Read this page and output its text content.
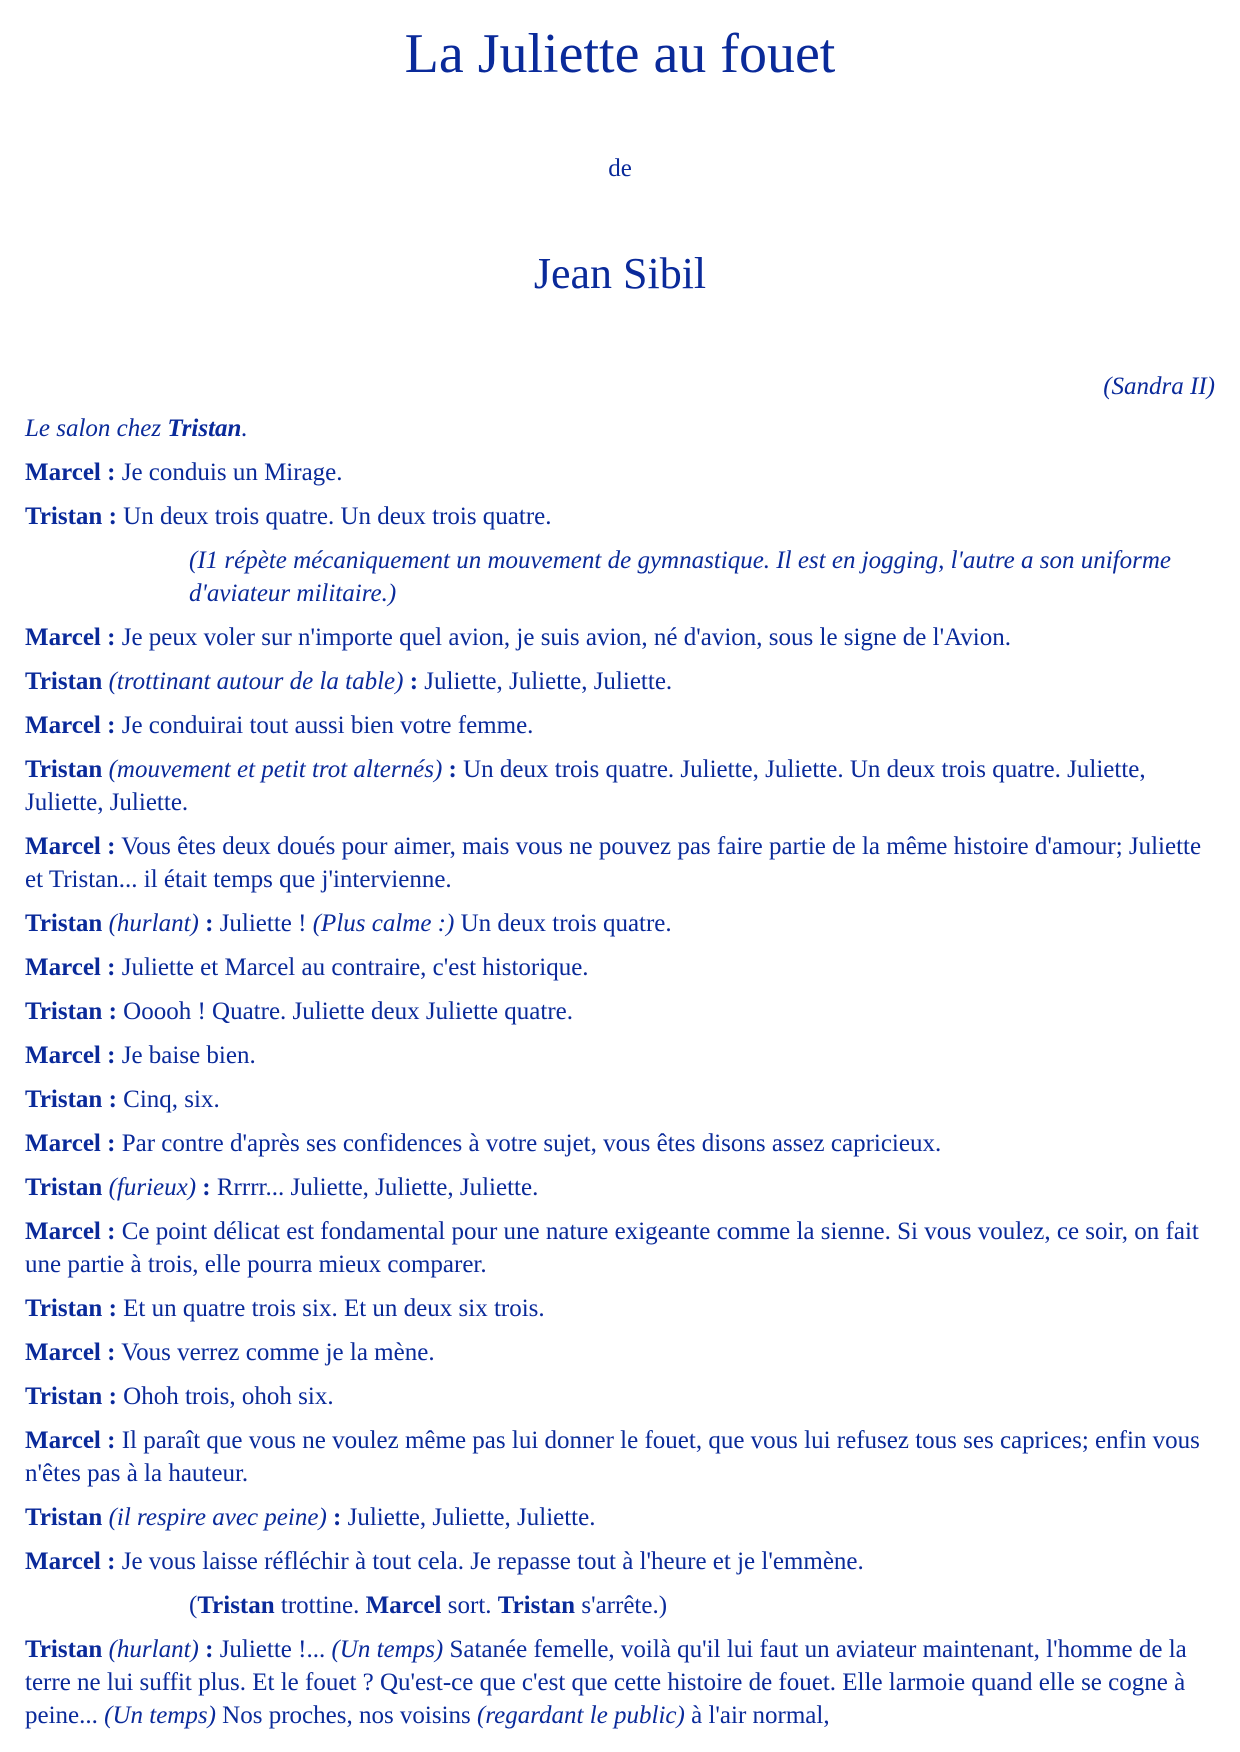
La Juliette au fouet
de
Jean Sibil

(Sandra II)

Le salon chez Tristan.

Marcel : Je conduis un Mirage.

Tristan : Un deux trois quatre. Un deux trois quatre.

(I1 répète mécaniquement un mouvement de gymnastique. Il est en jogging, l'autre a son uniforme d'aviateur militaire.)

Marcel : Je peux voler sur n'importe quel avion, je suis avion, né d'avion, sous le signe de l'Avion.

Tristan (trottinant autour de la table) : Juliette, Juliette, Juliette.

Marcel : Je conduirai tout aussi bien votre femme.

Tristan (mouvement et petit trot alternés) : Un deux trois quatre. Juliette, Juliette. Un deux trois quatre. Juliette, Juliette, Juliette.

Marcel : Vous êtes deux doués pour aimer, mais vous ne pouvez pas faire partie de la même histoire d'amour; Juliette et Tristan... il était temps que j'intervienne.

Tristan (hurlant) : Juliette ! (Plus calme :) Un deux trois quatre.

Marcel : Juliette et Marcel au contraire, c'est historique.

Tristan : Ooooh ! Quatre. Juliette deux Juliette quatre.

Marcel : Je baise bien.

Tristan : Cinq, six.

Marcel : Par contre d'après ses confidences à votre sujet, vous êtes disons assez capricieux.

Tristan (furieux) : Rrrrr... Juliette, Juliette, Juliette.

Marcel : Ce point délicat est fondamental pour une nature exigeante comme la sienne. Si vous voulez, ce soir, on fait une partie à trois, elle pourra mieux comparer.

Tristan : Et un quatre trois six. Et un deux six trois.

Marcel : Vous verrez comme je la mène.

Tristan : Ohoh trois, ohoh six.

Marcel : Il paraît que vous ne voulez même pas lui donner le fouet, que vous lui refusez tous ses caprices; enfin vous n'êtes pas à la hauteur.

Tristan (il respire avec peine) : Juliette, Juliette, Juliette.

Marcel : Je vous laisse réfléchir à tout cela. Je repasse tout à l'heure et je l'emmène.

(Tristan trottine. Marcel sort. Tristan s'arrête.)

Tristan (hurlant) : Juliette !... (Un temps) Satanée femelle, voilà qu'il lui faut un aviateur maintenant, l'homme de la terre ne lui suffit plus. Et le fouet ? Qu'est-ce que c'est que cette histoire de fouet. Elle larmoie quand elle se cogne à peine... (Un temps) Nos proches, nos voisins (regardant le public) à l'air normal,
